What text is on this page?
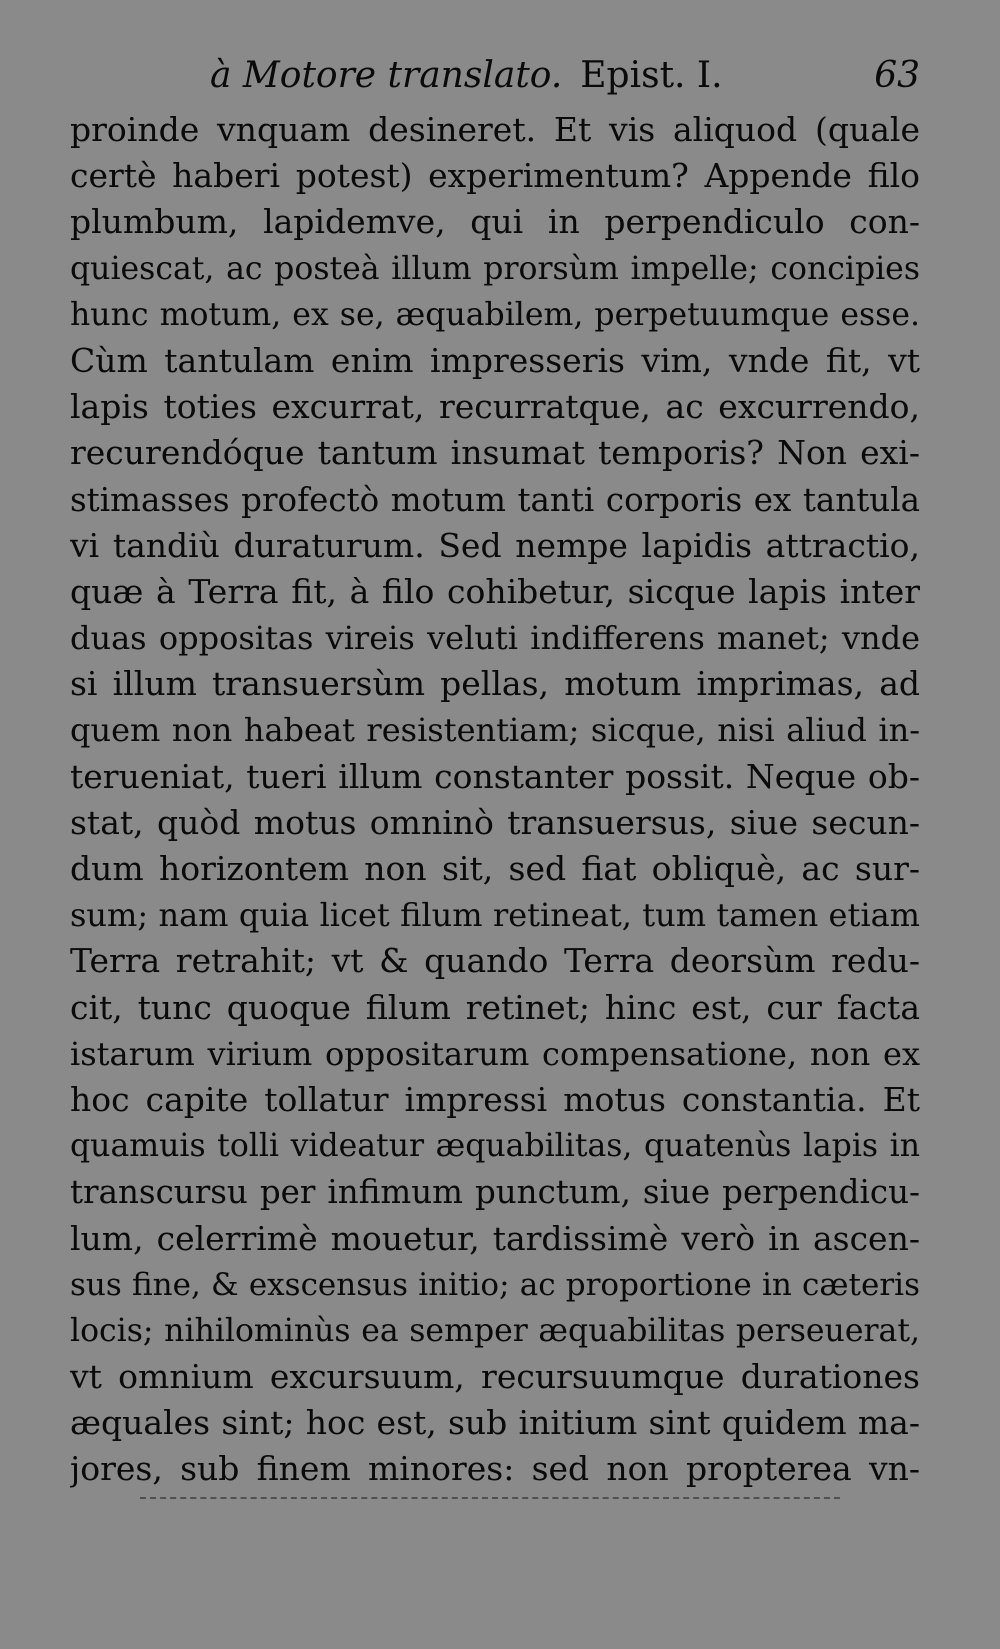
à Motore translato. Epist. I.	63
proinde vnquam desineret. Et vis aliquod (quale
certè haberi potest) experimentum? Appende filo
plumbum, lapidemve, qui in perpendiculo con-
quiescat, ac posteà illum prorsùm impelle; concipies
hunc motum, ex se, æquabilem, perpetuumque esse.
Cùm tantulam enim impresseris vim, vnde fit, vt
lapis toties excurrat, recurratque, ac excurrendo,
recurendóque tantum insumat temporis? Non exi-
stimasses profectò motum tanti corporis ex tantula
vi tandiù duraturum. Sed nempe lapidis attractio,
quæ à Terra fit, à filo cohibetur, sicque lapis inter
duas oppositas vireis veluti indifferens manet; vnde
si illum transuersùm pellas, motum imprimas, ad
quem non habeat resistentiam; sicque, nisi aliud in-
terueniat, tueri illum constanter possit. Neque ob-
stat, quòd motus omninò transuersus, siue secun-
dum horizontem non sit, sed fiat obliquè, ac sur-
sum; nam quia licet filum retineat, tum tamen etiam
Terra retrahit; vt & quando Terra deorsùm redu-
cit, tunc quoque filum retinet; hinc est, cur facta
istarum virium oppositarum compensatione, non ex
hoc capite tollatur impressi motus constantia. Et
quamuis tolli videatur æquabilitas, quatenùs lapis in
transcursu per infimum punctum, siue perpendicu-
lum, celerrimè mouetur, tardissimè verò in ascen-
sus fine, & exscensus initio; ac proportione in cæteris
locis; nihilominùs ea semper æquabilitas perseuerat,
vt omnium excursuum, recursuumque durationes
æquales sint; hoc est, sub initium sint quidem ma-
jores, sub finem minores: sed non propterea vn-
